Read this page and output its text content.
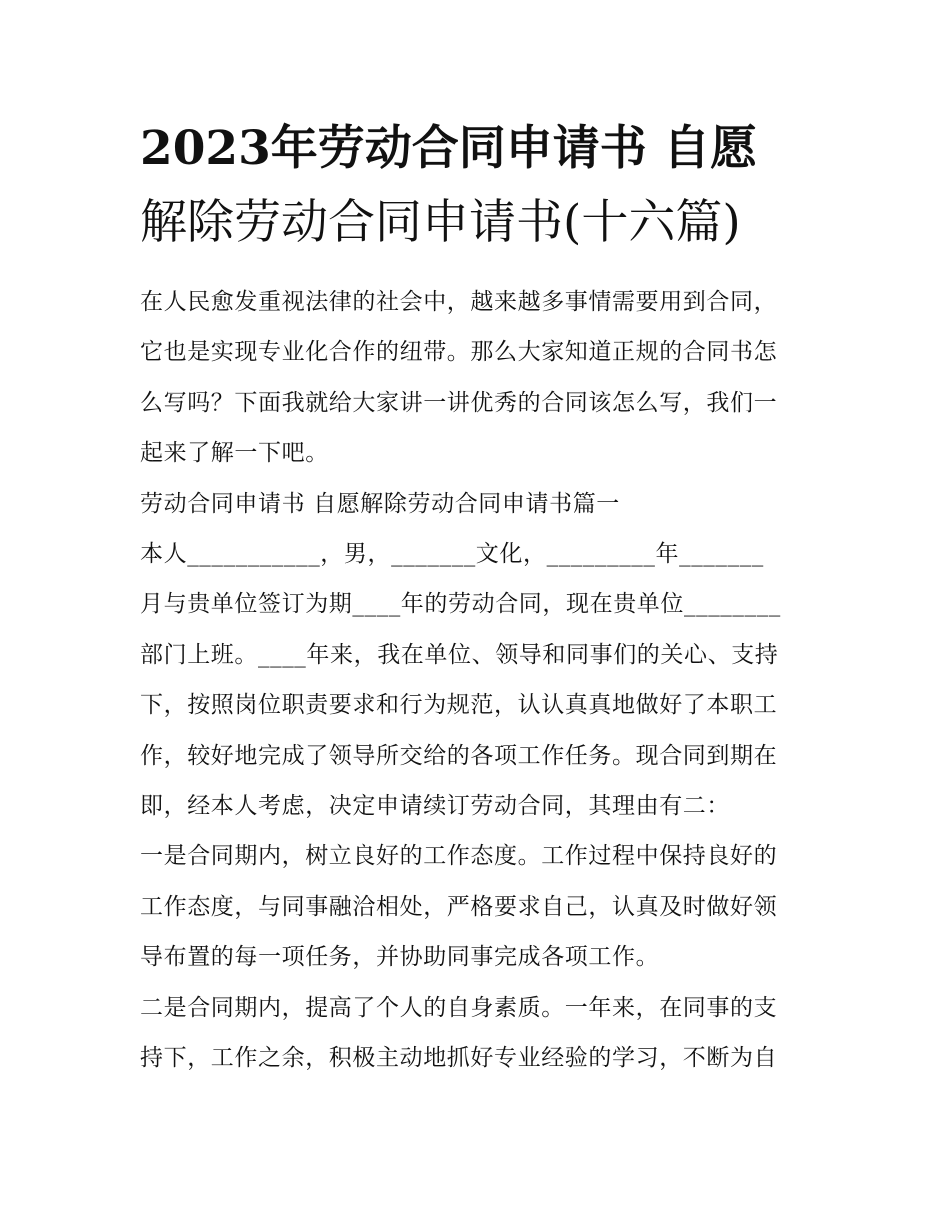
2023年劳动合同申请书 自愿
解除劳动合同申请书(十六篇)
在人民愈发重视法律的社会中，越来越多事情需要用到合同，
它也是实现专业化合作的纽带。那么大家知道正规的合同书怎
么写吗？下面我就给大家讲一讲优秀的合同该怎么写，我们一
起来了解一下吧。
劳动合同申请书 自愿解除劳动合同申请书篇一
本人___________，男，_______文化，_________年_______
月与贵单位签订为期____年的劳动合同，现在贵单位________
部门上班。____年来，我在单位、领导和同事们的关心、支持
下，按照岗位职责要求和行为规范，认认真真地做好了本职工
作，较好地完成了领导所交给的各项工作任务。现合同到期在
即，经本人考虑，决定申请续订劳动合同，其理由有二：
一是合同期内，树立良好的工作态度。工作过程中保持良好的
工作态度，与同事融洽相处，严格要求自己，认真及时做好领
导布置的每一项任务，并协助同事完成各项工作。
二是合同期内，提高了个人的自身素质。一年来，在同事的支
持下，工作之余，积极主动地抓好专业经验的学习，不断为自
